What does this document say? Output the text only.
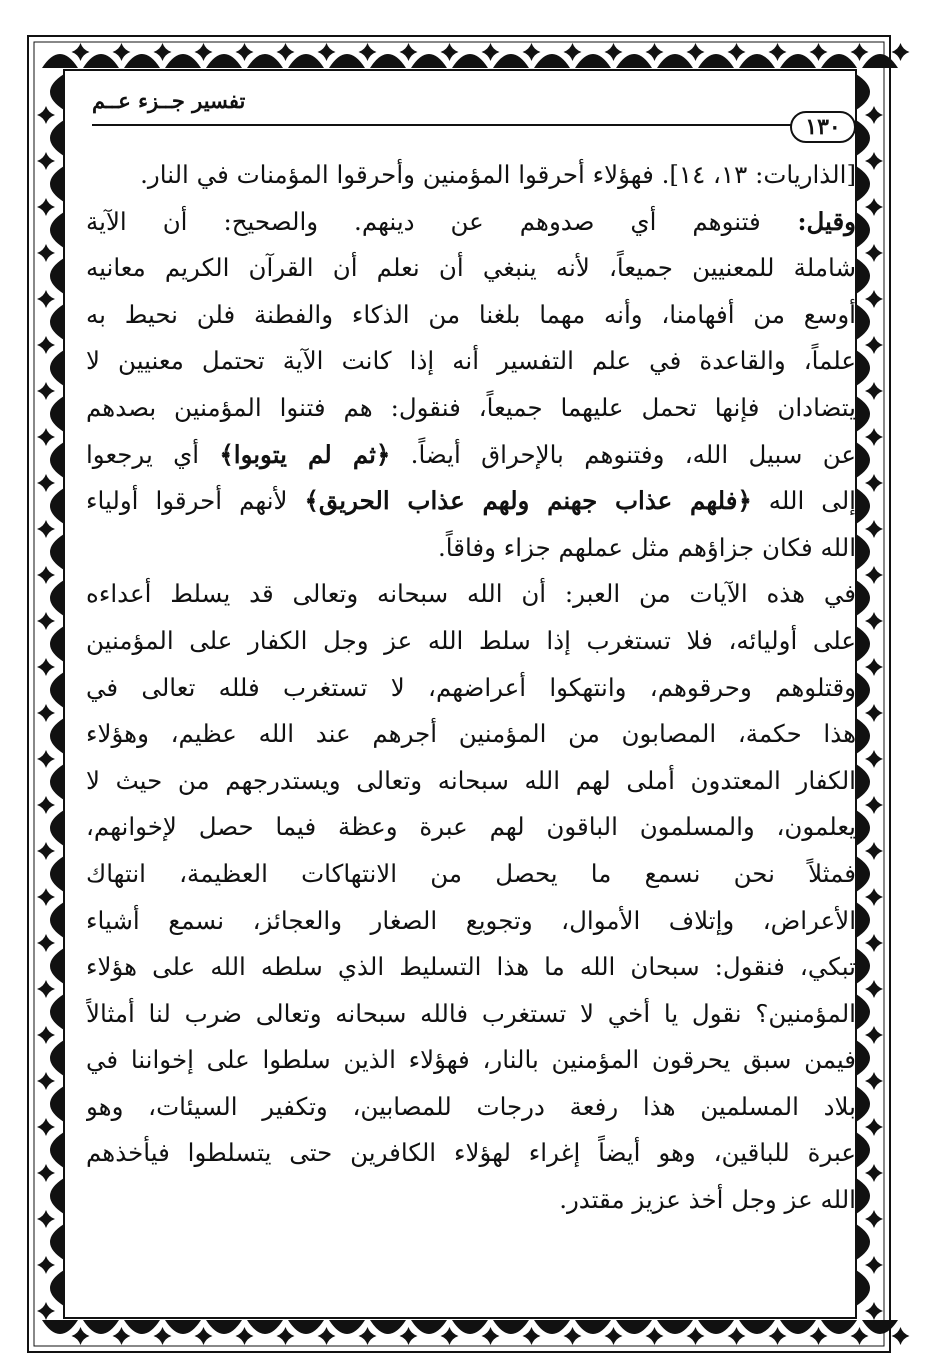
تفسير جــزء عــم
١٣٠
[الذاريات: ١٣، ١٤]. فهؤلاء أحرقوا المؤمنين وأحرقوا المؤمنات في النار.
وقيل: فتنوهم أي صدوهم عن دينهم. والصحيح: أن الآية
شاملة للمعنيين جميعاً، لأنه ينبغي أن نعلم أن القرآن الكريم معانيه
أوسع من أفهامنا، وأنه مهما بلغنا من الذكاء والفطنة فلن نحيط به
علماً، والقاعدة في علم التفسير أنه إذا كانت الآية تحتمل معنيين لا
يتضادان فإنها تحمل عليهما جميعاً، فنقول: هم فتنوا المؤمنين بصدهم
عن سبيل الله، وفتنوهم بالإحراق أيضاً. ﴿ثم لم يتوبوا﴾ أي يرجعوا
إلى الله ﴿فلهم عذاب جهنم ولهم عذاب الحريق﴾ لأنهم أحرقوا أولياء
الله فكان جزاؤهم مثل عملهم جزاء وفاقاً.
في هذه الآيات من العبر: أن الله سبحانه وتعالى قد يسلط أعداءه
على أوليائه، فلا تستغرب إذا سلط الله عز وجل الكفار على المؤمنين
وقتلوهم وحرقوهم، وانتهكوا أعراضهم، لا تستغرب فلله تعالى في
هذا حكمة، المصابون من المؤمنين أجرهم عند الله عظيم، وهؤلاء
الكفار المعتدون أملى لهم الله سبحانه وتعالى ويستدرجهم من حيث لا
يعلمون، والمسلمون الباقون لهم عبرة وعظة فيما حصل لإخوانهم،
فمثلاً نحن نسمع ما يحصل من الانتهاكات العظيمة، انتهاك
الأعراض، وإتلاف الأموال، وتجويع الصغار والعجائز، نسمع أشياء
تبكي، فنقول: سبحان الله ما هذا التسليط الذي سلطه الله على هؤلاء
المؤمنين؟ نقول يا أخي لا تستغرب فالله سبحانه وتعالى ضرب لنا أمثالاً
فيمن سبق يحرقون المؤمنين بالنار، فهؤلاء الذين سلطوا على إخواننا في
بلاد المسلمين هذا رفعة درجات للمصابين، وتكفير السيئات، وهو
عبرة للباقين، وهو أيضاً إغراء لهؤلاء الكافرين حتى يتسلطوا فيأخذهم
الله عز وجل أخذ عزيز مقتدر.
